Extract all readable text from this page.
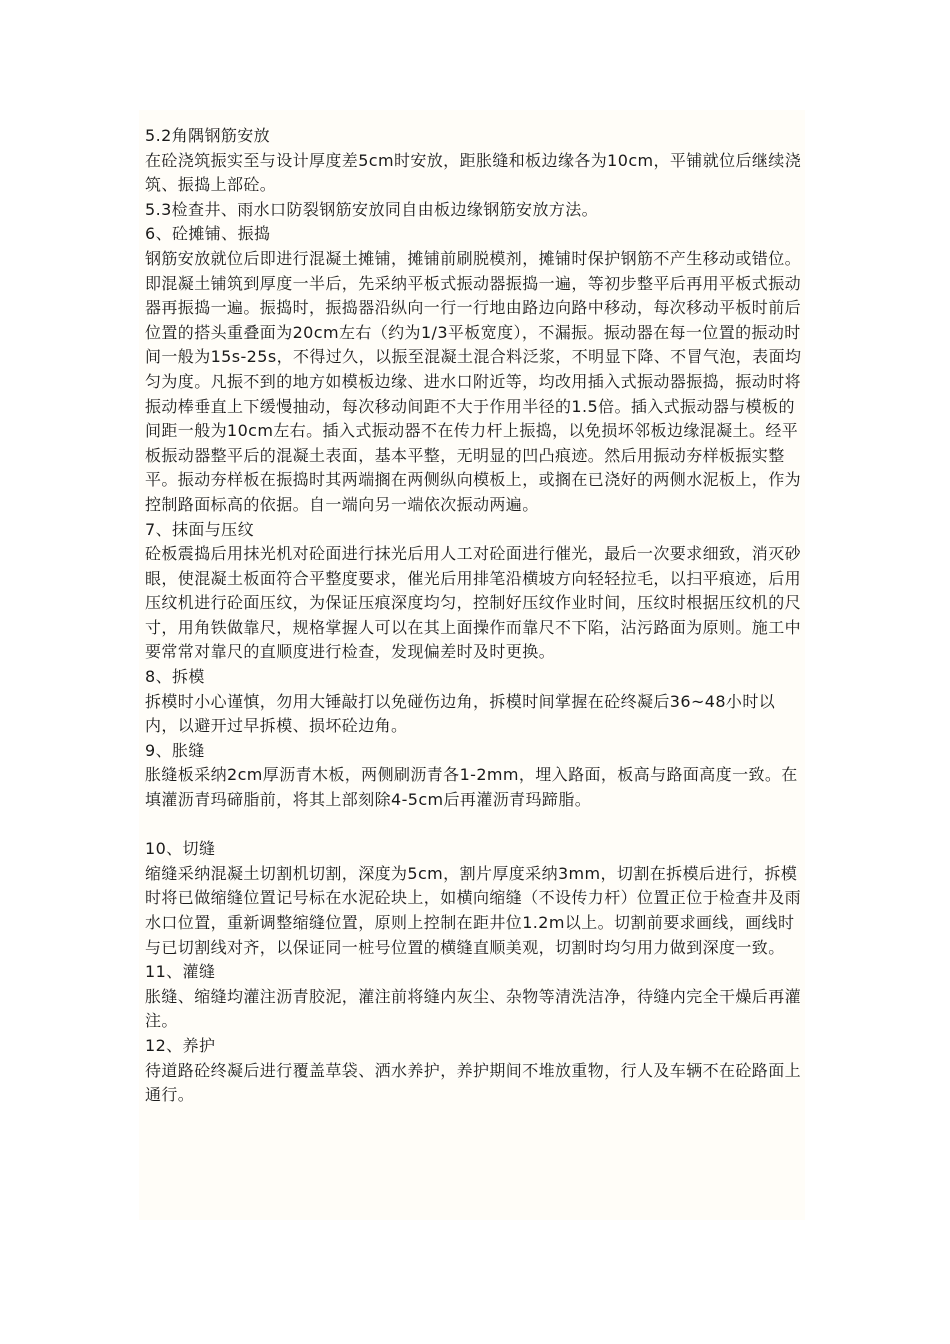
5.2角隅钢筋安放

在砼浇筑振实至与设计厚度差5cm时安放，距胀缝和板边缘各为10cm，平铺就位后继续浇筑、振捣上部砼。

5.3检查井、雨水口防裂钢筋安放同自由板边缘钢筋安放方法。

6、砼摊铺、振捣

钢筋安放就位后即进行混凝土摊铺，摊铺前刷脱模剂，摊铺时保护钢筋不产生移动或错位。即混凝土铺筑到厚度一半后，先采纳平板式振动器振捣一遍，等初步整平后再用平板式振动器再振捣一遍。振捣时，振捣器沿纵向一行一行地由路边向路中移动，每次移动平板时前后位置的搭头重叠面为20cm左右（约为1/3平板宽度），不漏振。振动器在每一位置的振动时间一般为15s-25s，不得过久，以振至混凝土混合料泛浆，不明显下降、不冒气泡，表面均匀为度。凡振不到的地方如模板边缘、进水口附近等，均改用插入式振动器振捣，振动时将振动棒垂直上下缓慢抽动，每次移动间距不大于作用半径的1.5倍。插入式振动器与模板的间距一般为10cm左右。插入式振动器不在传力杆上振捣，以免损坏邻板边缘混凝土。经平板振动器整平后的混凝土表面，基本平整，无明显的凹凸痕迹。然后用振动夯样板振实整平。振动夯样板在振捣时其两端搁在两侧纵向模板上，或搁在已浇好的两侧水泥板上，作为控制路面标高的依据。自一端向另一端依次振动两遍。

7、抹面与压纹

砼板震捣后用抹光机对砼面进行抹光后用人工对砼面进行催光，最后一次要求细致，消灭砂眼，使混凝土板面符合平整度要求，催光后用排笔沿横坡方向轻轻拉毛，以扫平痕迹，后用压纹机进行砼面压纹，为保证压痕深度均匀，控制好压纹作业时间，压纹时根据压纹机的尺寸，用角铁做靠尺，规格掌握人可以在其上面操作而靠尺不下陷，沾污路面为原则。施工中要常常对靠尺的直顺度进行检查，发现偏差时及时更换。

8、拆模

拆模时小心谨慎，勿用大锤敲打以免碰伤边角，拆模时间掌握在砼终凝后36~48小时以内，以避开过早拆模、损坏砼边角。

9、胀缝

胀缝板采纳2cm厚沥青木板，两侧刷沥青各1-2mm，埋入路面，板高与路面高度一致。在填灌沥青玛碲脂前，将其上部刻除4-5cm后再灌沥青玛蹄脂。

10、切缝

缩缝采纳混凝土切割机切割，深度为5cm，割片厚度采纳3mm，切割在拆模后进行，拆模时将已做缩缝位置记号标在水泥砼块上，如横向缩缝（不设传力杆）位置正位于检查井及雨水口位置，重新调整缩缝位置，原则上控制在距井位1.2m以上。切割前要求画线，画线时与已切割线对齐，以保证同一桩号位置的横缝直顺美观，切割时均匀用力做到深度一致。

11、灌缝

胀缝、缩缝均灌注沥青胶泥，灌注前将缝内灰尘、杂物等清洗洁净，待缝内完全干燥后再灌注。

12、养护

待道路砼终凝后进行覆盖草袋、洒水养护，养护期间不堆放重物，行人及车辆不在砼路面上通行。
